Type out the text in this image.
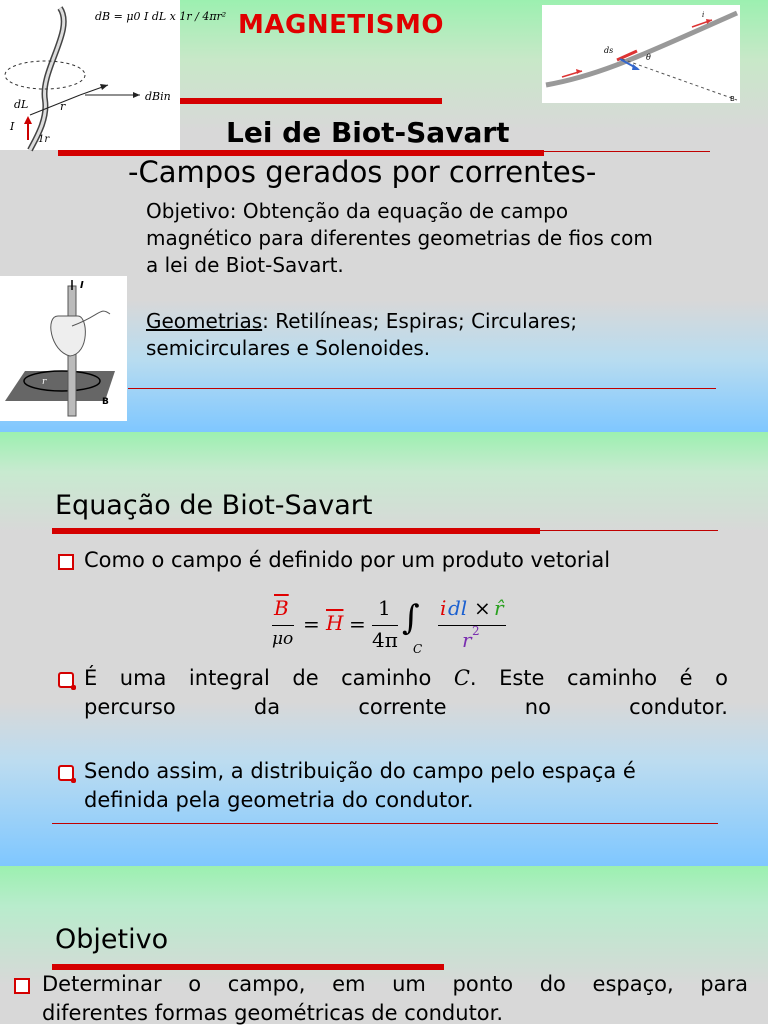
dB = μ0 I dL x 1r / 4πr²
dBin
dL
I
r
1r
ds
θ
B
i
MAGNETISMO
Lei de Biot-Savart
-Campos gerados por correntes-
Objetivo: Obtenção da equação de campo
magnético para diferentes geometrias de fios com
a lei de Biot-Savart.
Geometrias: Retilíneas; Espiras; Circulares;
semicirculares e Solenoides.
I
r
B
Equação de Biot-Savart
Como o campo é definido por um produto vetorial
$\overline{B}$
μo
= $\overline{H}$ =
1
4π
∫
C
i dl × r̂
r 2
É uma integral de caminho C. Este caminho é o
percurso	da	corrente	no	condutor.
Sendo assim, a distribuição do campo pelo espaça é
definida pela geometria do condutor.
Objetivo
Determinar o campo, em um ponto do espaço, para
diferentes formas geométricas de condutor.
